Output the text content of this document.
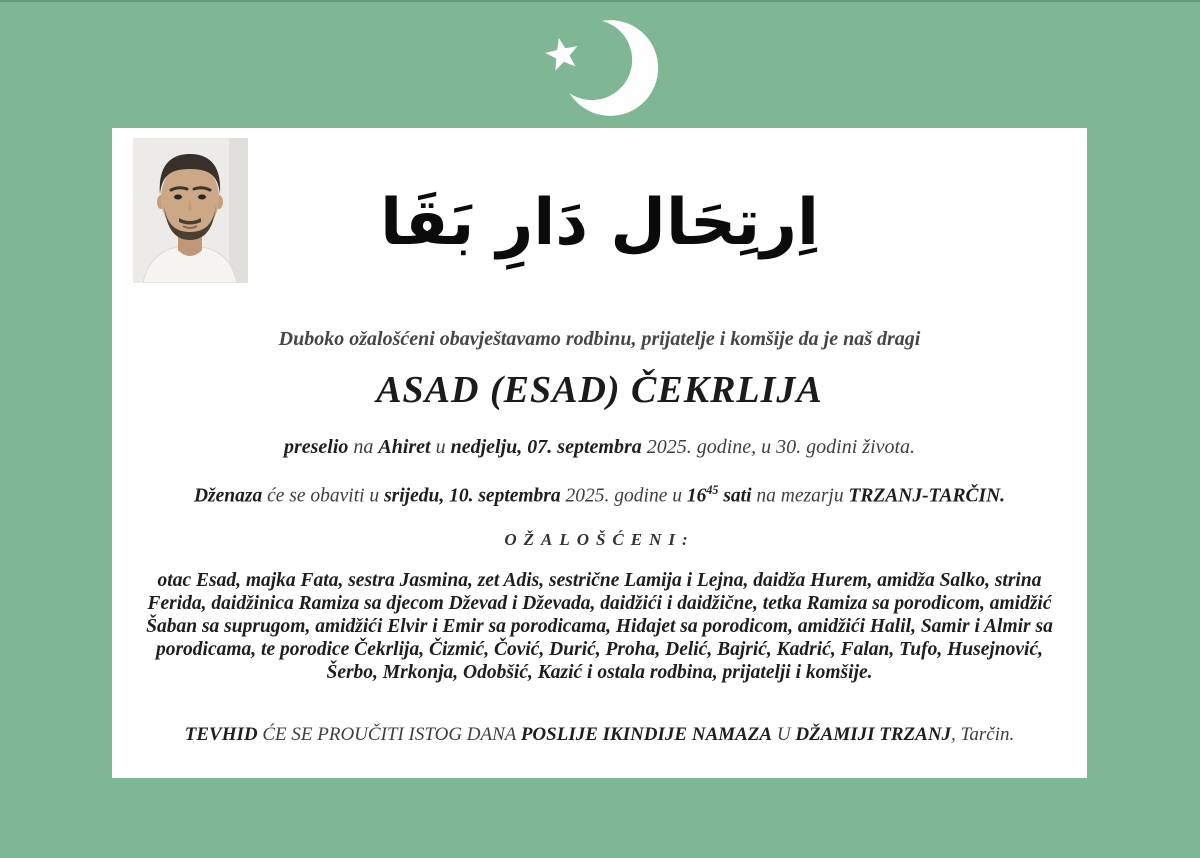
اِرتِحَال دَارِ بَقَا
Duboko ožalošćeni obavještavamo rodbinu, prijatelje i komšije da je naš dragi
ASAD (ESAD) ČEKRLIJA
preselio na Ahiret u nedjelju, 07. septembra 2025. godine, u 30. godini života.
Dženaza će se obaviti u srijedu, 10. septembra 2025. godine u $16^{45}$ sati na mezarju TRZANJ-TARČIN.
OŽALOŠĆENI:
otac Esad, majka Fata, sestra Jasmina, zet Adis, sestrične Lamija i Lejna, daidža Hurem, amidža Salko, strina Ferida, daidžinica Ramiza sa djecom Dževad i Dževada, daidžići i daidžične, tetka Ramiza sa porodicom, amidžić Šaban sa suprugom, amidžići Elvir i Emir sa porodicama, Hidajet sa porodicom, amidžići Halil, Samir i Almir sa porodicama, te porodice Čekrlija, Čizmić, Čović, Durić, Proha, Delić, Bajrić, Kadrić, Falan, Tufo, Husejnović, Šerbo, Mrkonja, Odobšić, Kazić i ostala rodbina, prijatelji i komšije.
TEVHID ĆE SE PROUČITI ISTOG DANA POSLIJE IKINDIJE NAMAZA U DŽAMIJI TRZANJ, Tarčin.
